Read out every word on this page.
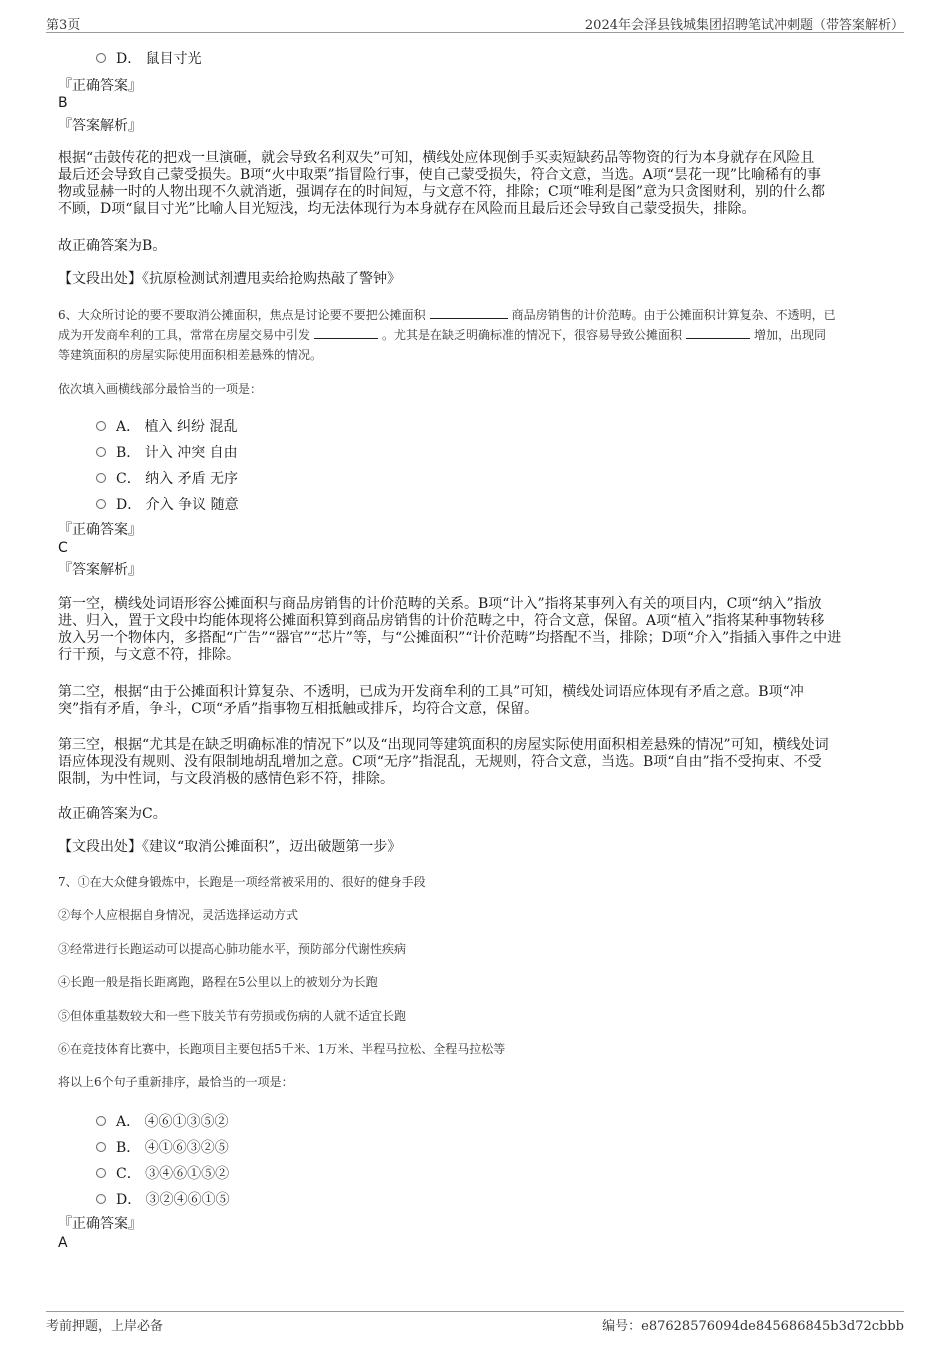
第3页	2024年会泽县钱城集团招聘笔试冲刺题（带答案解析）
D． 鼠目寸光
『正确答案』
B
『答案解析』
根据“击鼓传花的把戏一旦演砸，就会导致名利双失”可知，横线处应体现倒手买卖短缺药品等物资的行为本身就存在风险且
最后还会导致自己蒙受损失。B项“火中取栗”指冒险行事，使自己蒙受损失，符合文意，当选。A项“昙花一现”比喻稀有的事
物或显赫一时的人物出现不久就消逝，强调存在的时间短，与文意不符，排除；C项“唯利是图”意为只贪图财利，别的什么都
不顾，D项“鼠目寸光”比喻人目光短浅，均无法体现行为本身就存在风险而且最后还会导致自己蒙受损失，排除。
故正确答案为B。
【文段出处】《抗原检测试剂遭甩卖给抢购热敲了警钟》
6、大众所讨论的要不要取消公摊面积，焦点是讨论要不要把公摊面积	商品房销售的计价范畴。由于公摊面积计算复杂、不透明，已
成为开发商牟利的工具，常常在房屋交易中引发	。尤其是在缺乏明确标准的情况下，很容易导致公摊面积	增加，出现同
等建筑面积的房屋实际使用面积相差悬殊的情况。
依次填入画横线部分最恰当的一项是：
A． 植入 纠纷 混乱
B． 计入 冲突 自由
C． 纳入 矛盾 无序
D． 介入 争议 随意
『正确答案』
C
『答案解析』
第一空，横线处词语形容公摊面积与商品房销售的计价范畴的关系。B项“计入”指将某事列入有关的项目内，C项“纳入”指放
进、归入，置于文段中均能体现将公摊面积算到商品房销售的计价范畴之中，符合文意，保留。A项“植入”指将某种事物转移
放入另一个物体内，多搭配“广告”“器官”“芯片”等，与“公摊面积”“计价范畴”均搭配不当，排除；D项“介入”指插入事件之中进
行干预，与文意不符，排除。
第二空，根据“由于公摊面积计算复杂、不透明，已成为开发商牟利的工具”可知，横线处词语应体现有矛盾之意。B项“冲
突”指有矛盾，争斗，C项“矛盾”指事物互相抵触或排斥，均符合文意，保留。
第三空，根据“尤其是在缺乏明确标准的情况下”以及“出现同等建筑面积的房屋实际使用面积相差悬殊的情况”可知，横线处词
语应体现没有规则、没有限制地胡乱增加之意。C项“无序”指混乱，无规则，符合文意，当选。B项“自由”指不受拘束、不受
限制，为中性词，与文段消极的感情色彩不符，排除。
故正确答案为C。
【文段出处】《建议“取消公摊面积”，迈出破题第一步》
7、①在大众健身锻炼中，长跑是一项经常被采用的、很好的健身手段
②每个人应根据自身情况，灵活选择运动方式
③经常进行长跑运动可以提高心肺功能水平，预防部分代谢性疾病
④长跑一般是指长距离跑，路程在5公里以上的被划分为长跑
⑤但体重基数较大和一些下肢关节有劳损或伤病的人就不适宜长跑
⑥在竞技体育比赛中，长跑项目主要包括5千米、1万米、半程马拉松、全程马拉松等
将以上6个句子重新排序，最恰当的一项是：
A． ④⑥①③⑤②
B． ④①⑥③②⑤
C． ③④⑥①⑤②
D． ③②④⑥①⑤
『正确答案』
A
考前押题，上岸必备	编号：e87628576094de845686845b3d72cbbb
